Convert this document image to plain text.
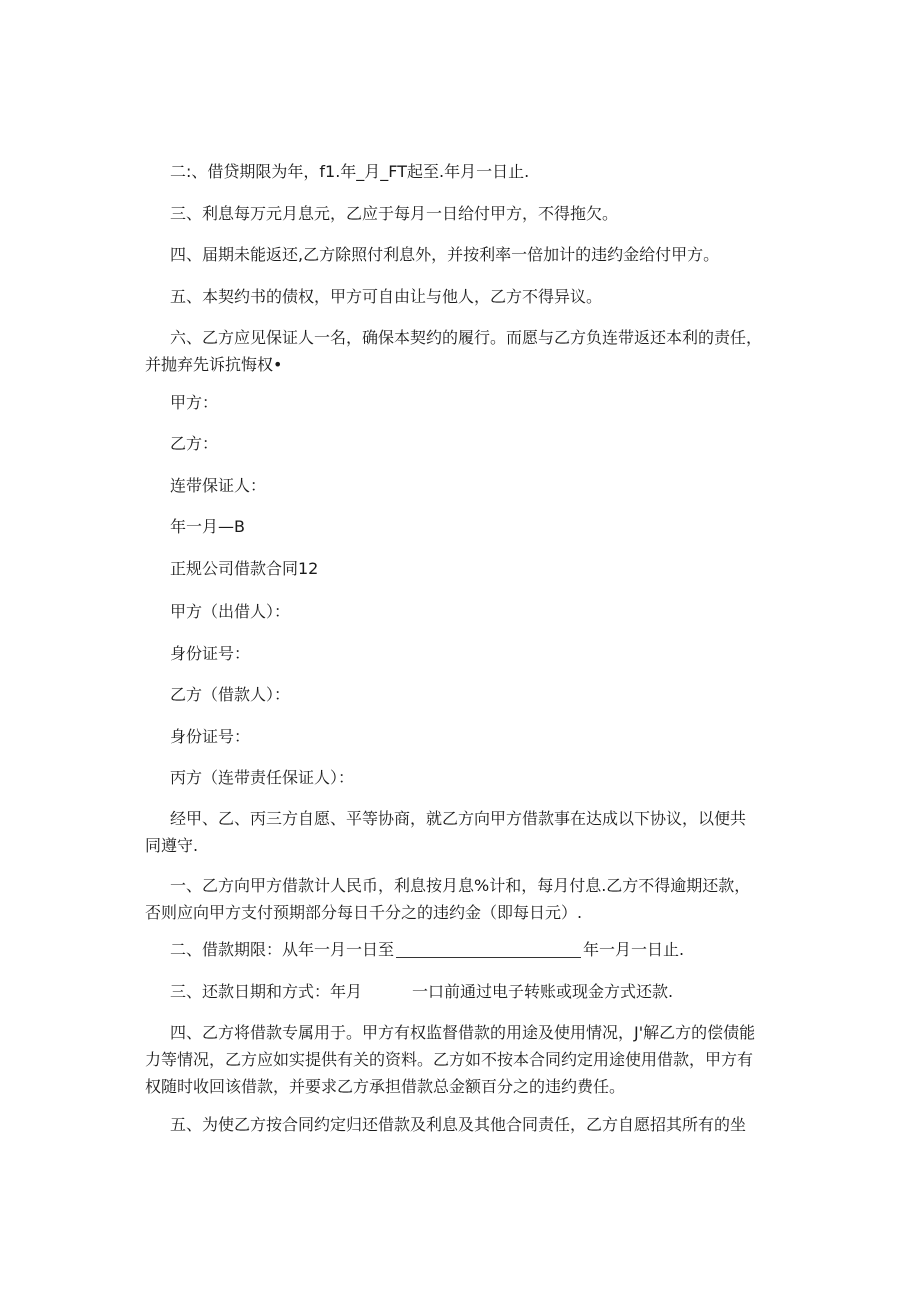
二:、借贷期限为年，f1.年_月_FT起至.年月一日止.
三、利息每万元月息元，乙应于每月一日给付甲方，不得拖欠。
四、届期未能返还,乙方除照付利息外，并按利率一倍加计的违约金给付甲方。
五、本契约书的债权，甲方可自由让与他人，乙方不得异议。
六、乙方应见保证人一名，确保本契约的履行。而愿与乙方负连带返还本利的责任，
并抛弃先诉抗悔权•
甲方：
乙方：
连带保证人：
年一月—B
正规公司借款合同12
甲方（出借人）：
身份证号：
乙方（借款人）：
身份证号：
丙方（连带责任保证人）：
经甲、乙、丙三方自愿、平等协商，就乙方向甲方借款事在达成以下协议，以便共
同遵守.
一、乙方向甲方借款计人民币，利息按月息%计和，每月付息.乙方不得逾期还款，
否则应向甲方支付预期部分每日千分之的违约金（即每日元）.
二、借款期限：从年一月一日至	年一月一日止.
三、还款日期和方式：年月	一口前通过电子转账或现金方式还款.
四、乙方将借款专属用于。甲方有权监督借款的用途及使用情况，J'解乙方的偿债能
力等情况，乙方应如实提供有关的资料。乙方如不按本合同约定用途使用借款，甲方有
权随时收回该借款，并要求乙方承担借款总金额百分之的违约费任。
五、为使乙方按合同约定归还借款及利息及其他合同责任，乙方自愿招其所有的坐
